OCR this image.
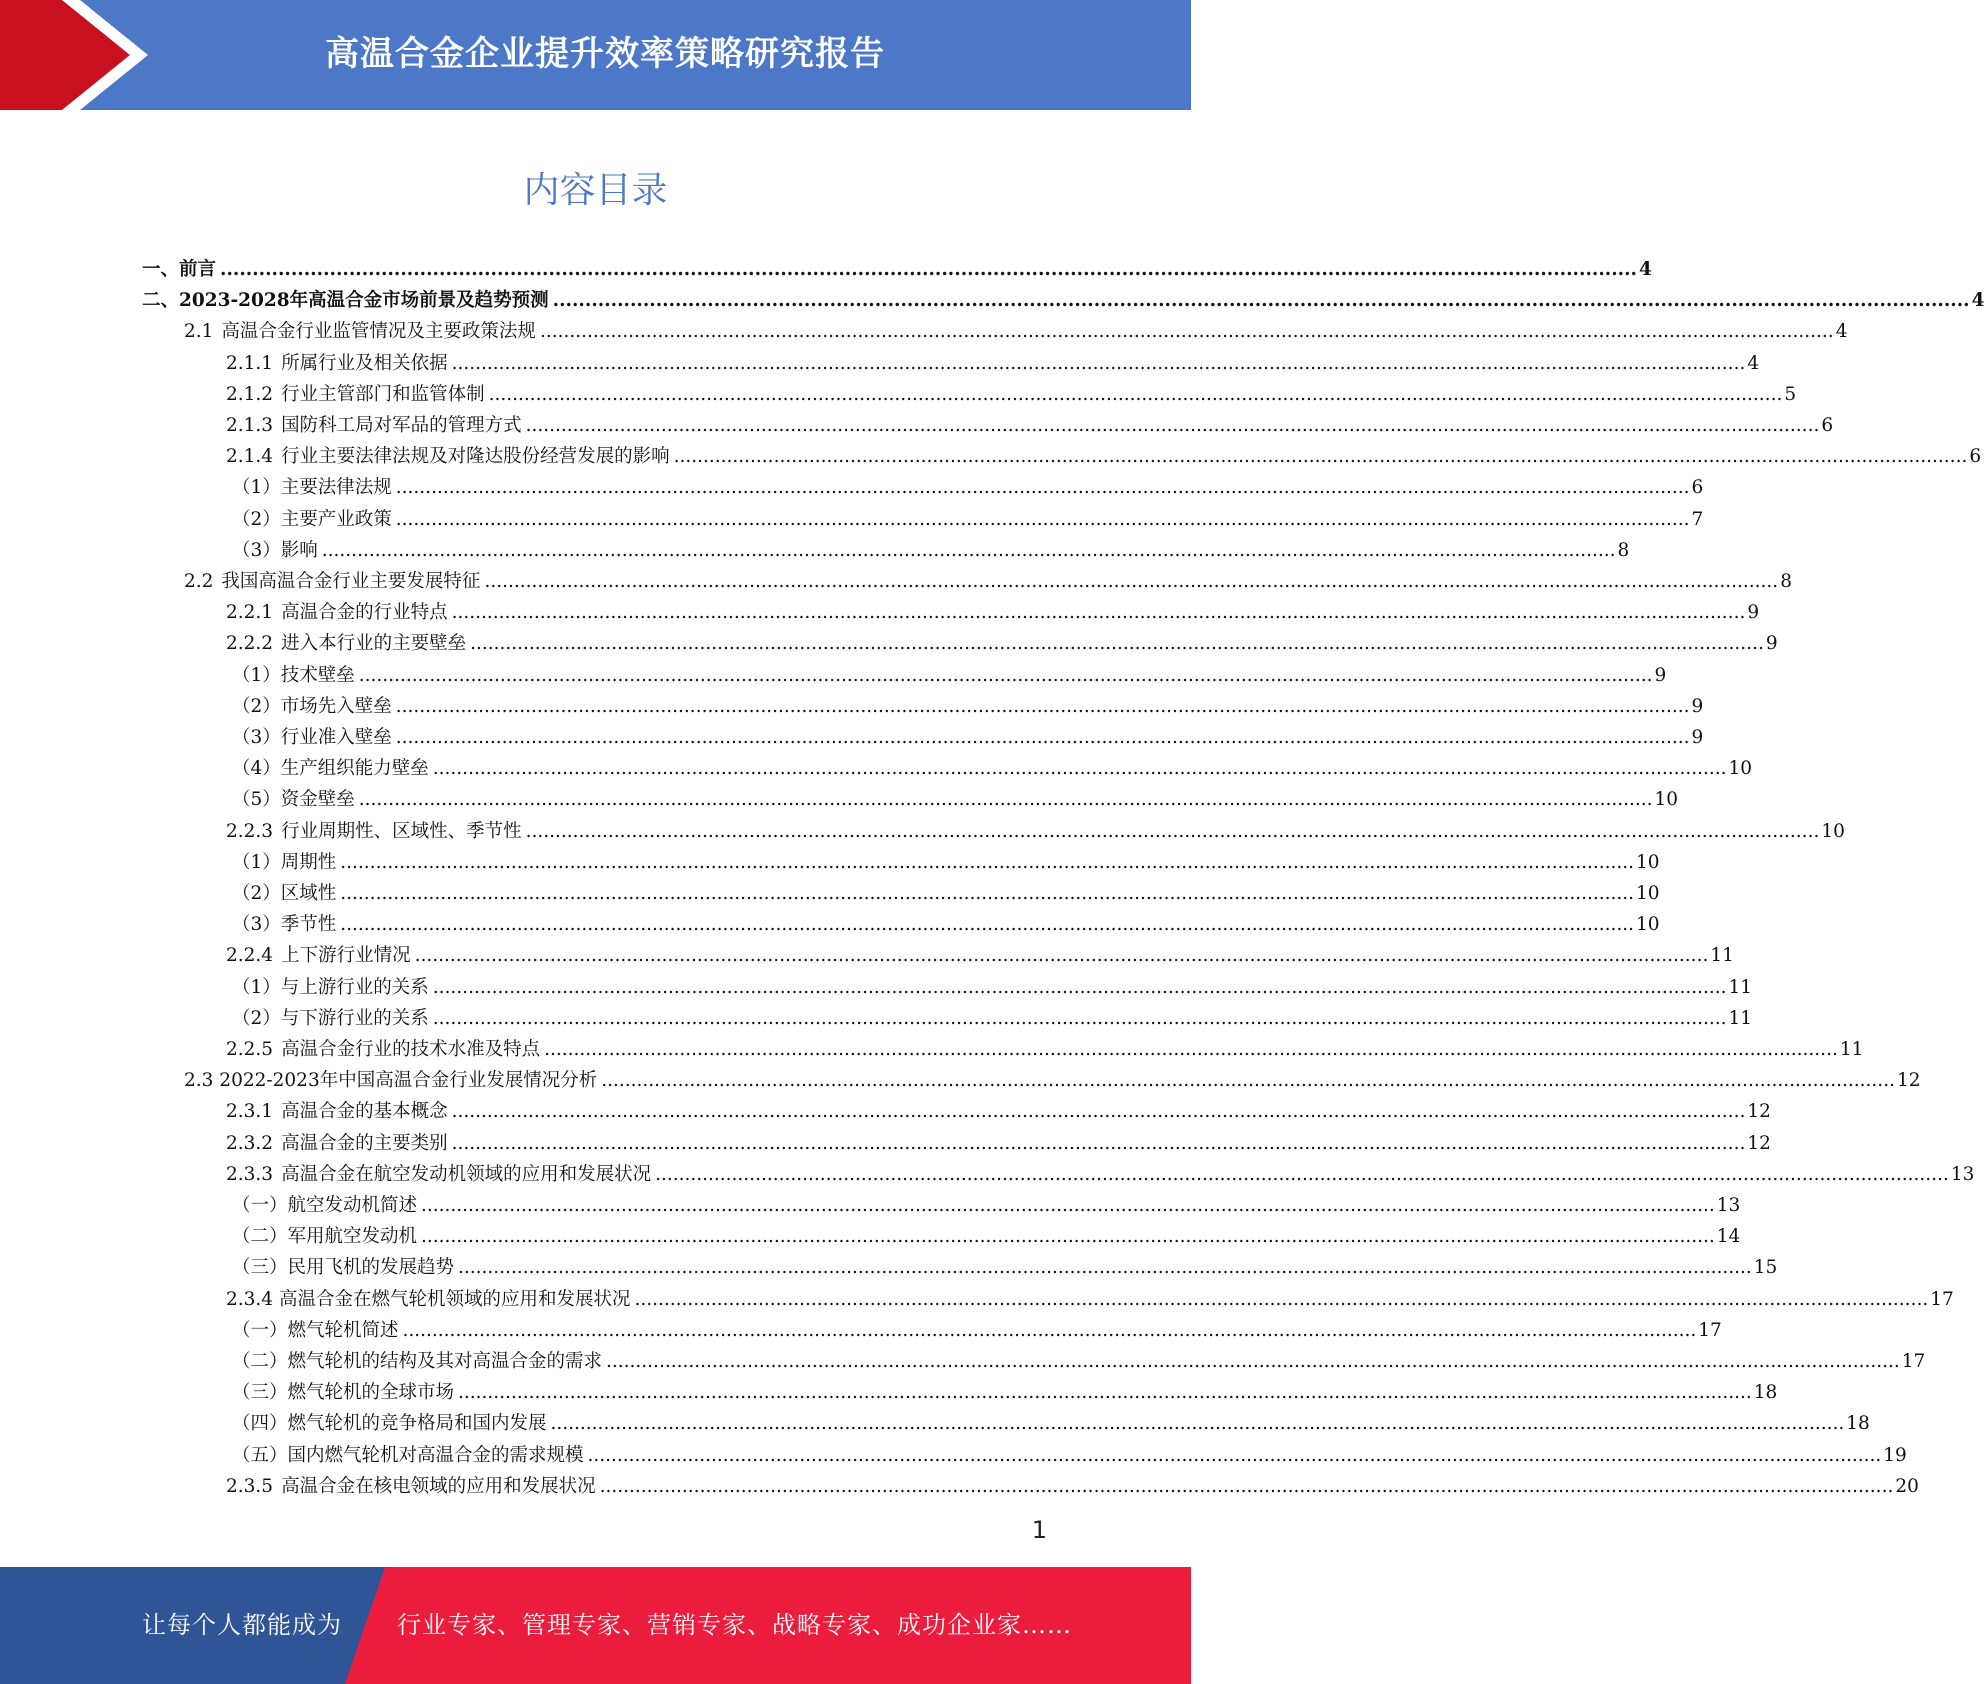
高温合金企业提升效率策略研究报告
内容目录
一、前言 ............................................................................................................................................................................................................................ 4
二、2023-2028年高温合金市场前景及趋势预测 ............................................................................................................................................................................................................................ 4
2.1 高温合金行业监管情况及主要政策法规 ............................................................................................................................................................................................................................ 4
2.1.1 所属行业及相关依据 ............................................................................................................................................................................................................................ 4
2.1.2 行业主管部门和监管体制 ............................................................................................................................................................................................................................ 5
2.1.3 国防科工局对军品的管理方式 ............................................................................................................................................................................................................................ 6
2.1.4 行业主要法律法规及对隆达股份经营发展的影响 ............................................................................................................................................................................................................................ 6
（1）主要法律法规 ............................................................................................................................................................................................................................ 6
（2）主要产业政策 ............................................................................................................................................................................................................................ 7
（3）影响 ............................................................................................................................................................................................................................ 8
2.2 我国高温合金行业主要发展特征 ............................................................................................................................................................................................................................ 8
2.2.1 高温合金的行业特点 ............................................................................................................................................................................................................................ 9
2.2.2 进入本行业的主要壁垒 ............................................................................................................................................................................................................................ 9
（1）技术壁垒 ............................................................................................................................................................................................................................ 9
（2）市场先入壁垒 ............................................................................................................................................................................................................................ 9
（3）行业准入壁垒 ............................................................................................................................................................................................................................ 9
（4）生产组织能力壁垒 ............................................................................................................................................................................................................................ 10
（5）资金壁垒 ............................................................................................................................................................................................................................ 10
2.2.3 行业周期性、区域性、季节性 ............................................................................................................................................................................................................................ 10
（1）周期性 ............................................................................................................................................................................................................................ 10
（2）区域性 ............................................................................................................................................................................................................................ 10
（3）季节性 ............................................................................................................................................................................................................................ 10
2.2.4 上下游行业情况 ............................................................................................................................................................................................................................ 11
（1）与上游行业的关系 ............................................................................................................................................................................................................................ 11
（2）与下游行业的关系 ............................................................................................................................................................................................................................ 11
2.2.5 高温合金行业的技术水准及特点 ............................................................................................................................................................................................................................ 11
2.3 2022-2023年中国高温合金行业发展情况分析 ............................................................................................................................................................................................................................ 12
2.3.1 高温合金的基本概念 ............................................................................................................................................................................................................................ 12
2.3.2 高温合金的主要类别 ............................................................................................................................................................................................................................ 12
2.3.3 高温合金在航空发动机领域的应用和发展状况 ............................................................................................................................................................................................................................ 13
（一）航空发动机简述 ............................................................................................................................................................................................................................ 13
（二）军用航空发动机 ............................................................................................................................................................................................................................ 14
（三）民用飞机的发展趋势 ............................................................................................................................................................................................................................ 15
2.3.4 高温合金在燃气轮机领域的应用和发展状况 ............................................................................................................................................................................................................................ 17
（一）燃气轮机简述 ............................................................................................................................................................................................................................ 17
（二）燃气轮机的结构及其对高温合金的需求 ............................................................................................................................................................................................................................ 17
（三）燃气轮机的全球市场 ............................................................................................................................................................................................................................ 18
（四）燃气轮机的竞争格局和国内发展 ............................................................................................................................................................................................................................ 18
（五）国内燃气轮机对高温合金的需求规模 ............................................................................................................................................................................................................................ 19
2.3.5 高温合金在核电领域的应用和发展状况 ............................................................................................................................................................................................................................ 20
1
让每个人都能成为 行业专家、管理专家、营销专家、战略专家、成功企业家……
